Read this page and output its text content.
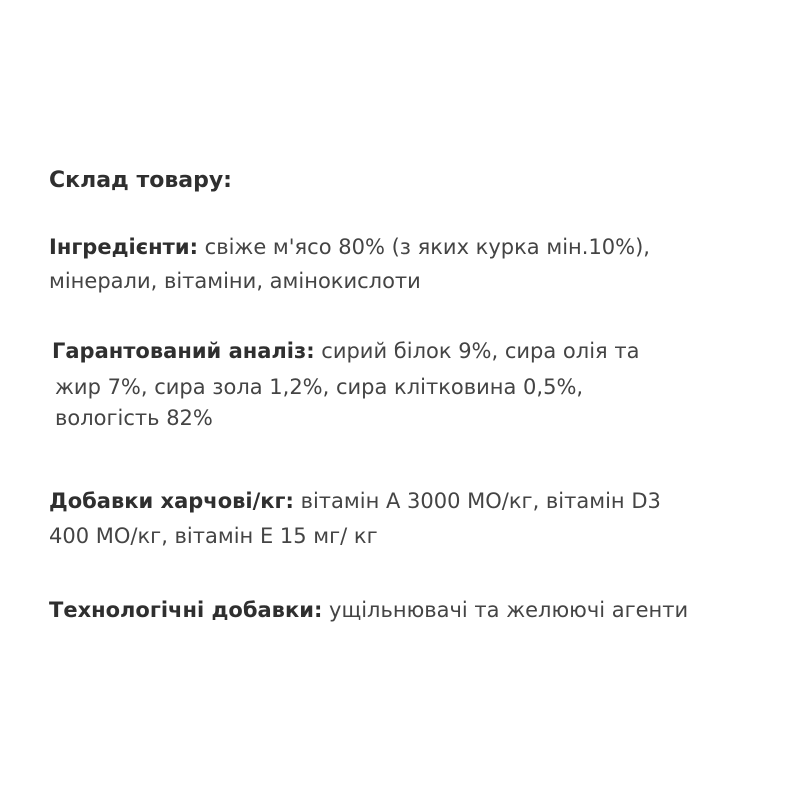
Склад товару:
Інгредієнти: свіже м'ясо 80% (з яких курка мін.10%),
мінерали, вітаміни, амінокислоти
Гарантований аналіз: сирий білок 9%, сира олія та
жир 7%, сира зола 1,2%, сира клітковина 0,5%,
вологість 82%
Добавки харчові/кг: вітамін А 3000 МО/кг, вітамін D3
400 МО/кг, вітамін Е 15 мг/ кг
Технологічні добавки: ущільнювачі та желюючі агенти
